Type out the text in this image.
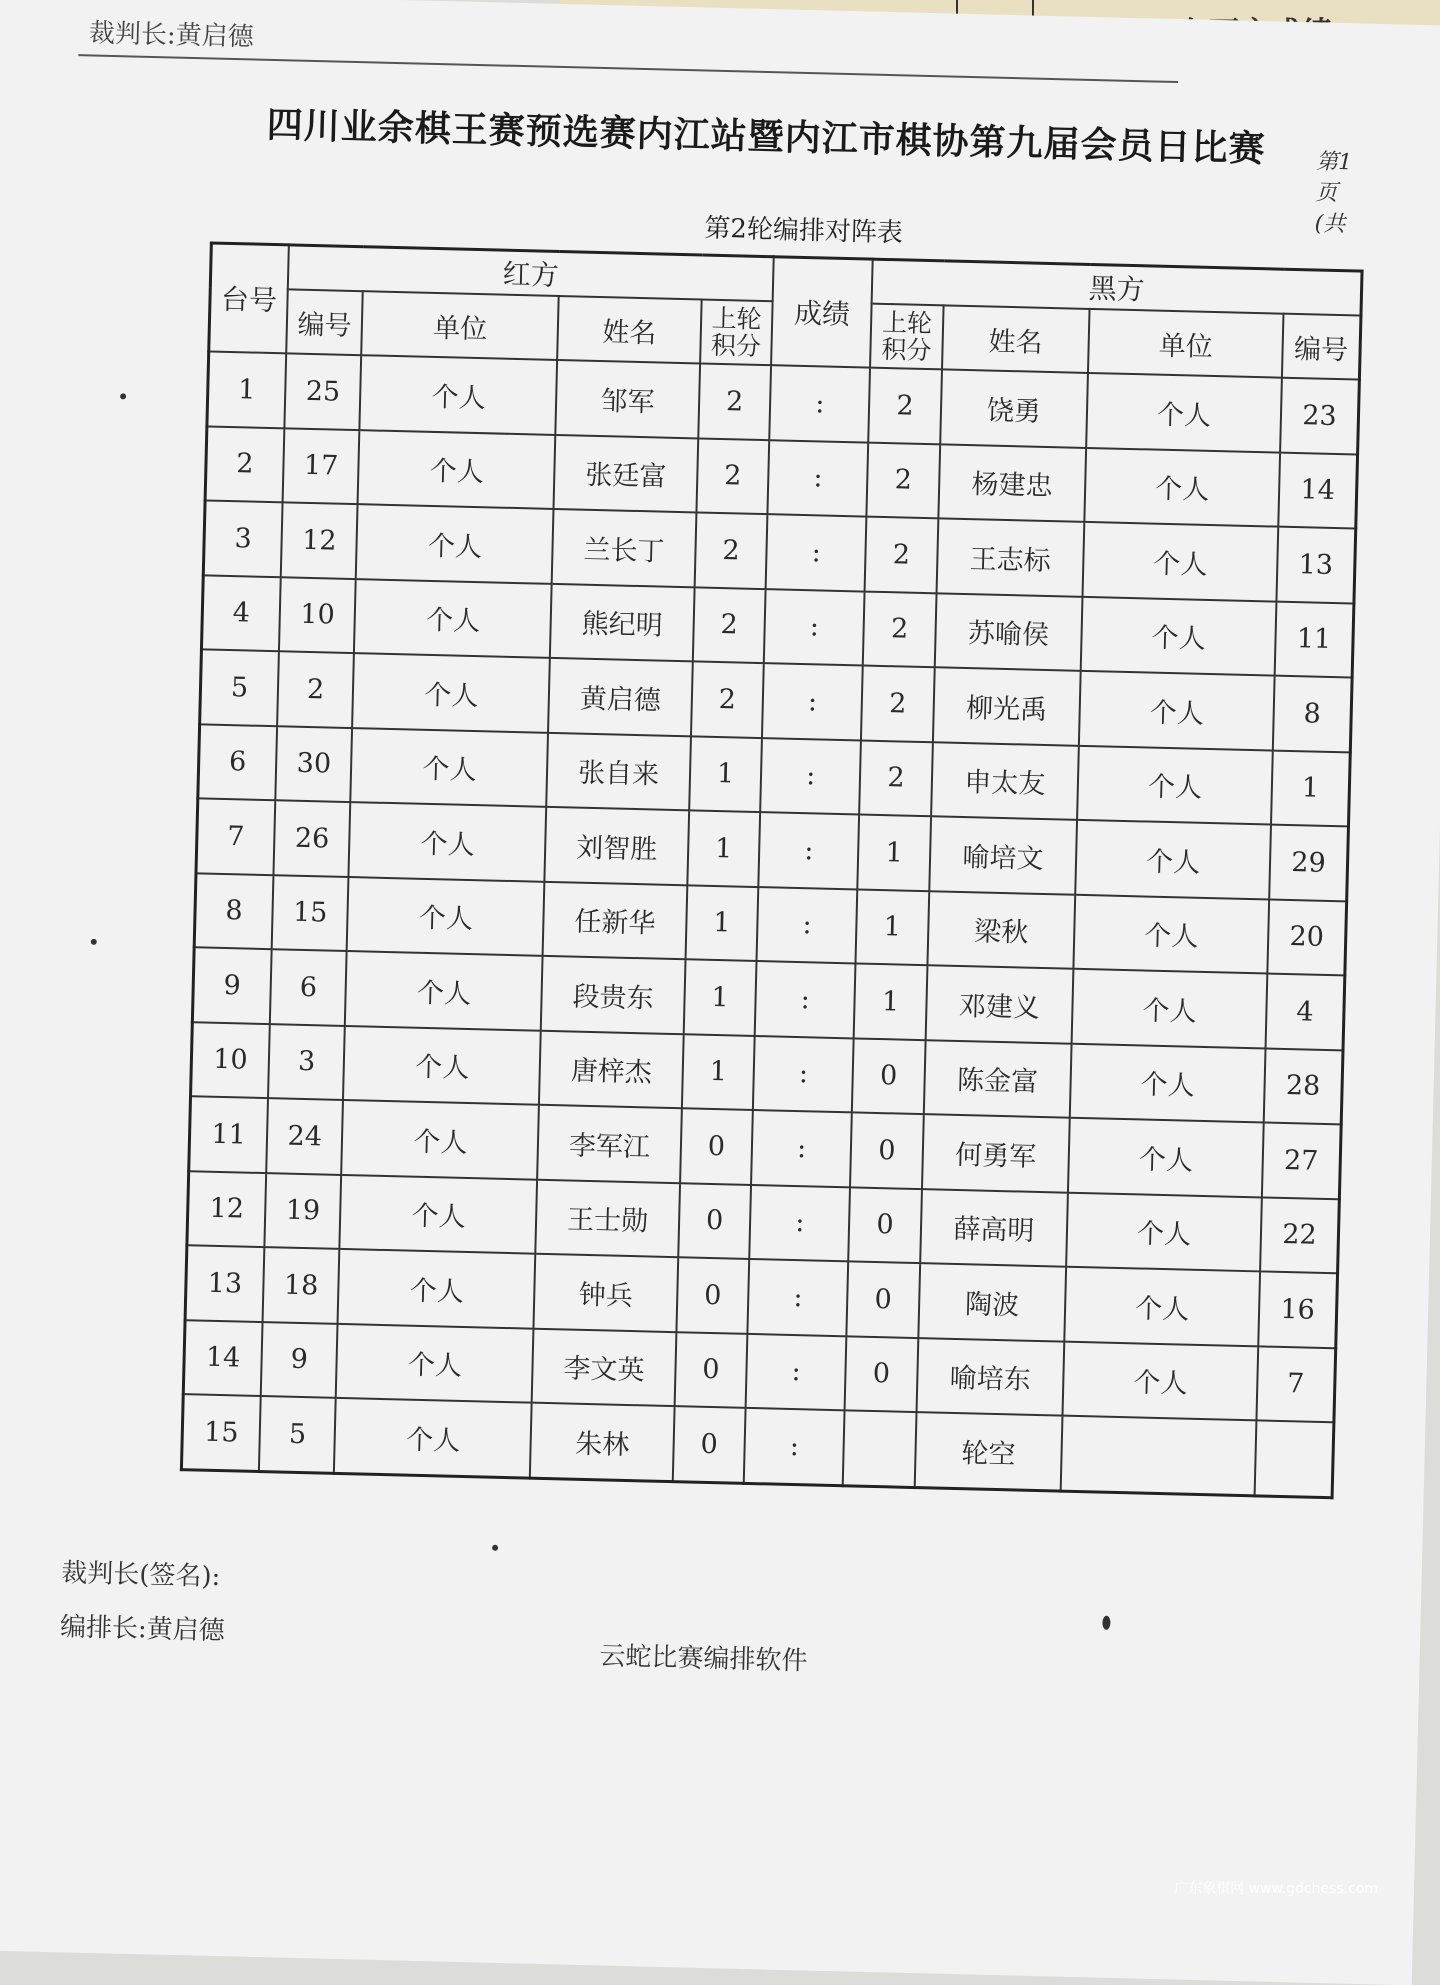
裁判长:黄启德
第1页(共
四川业余棋王赛预选赛内江站暨内江市棋协第九届会员日比赛
第2轮编排对阵表
台号	红方				成绩	黑方			
	编号	单位	姓名	上轮积分		上轮积分	姓名	单位	编号
1	25	个人	邹军	2	:	2	饶勇	个人	23
2	17	个人	张廷富	2	:	2	杨建忠	个人	14
3	12	个人	兰长丁	2	:	2	王志标	个人	13
4	10	个人	熊纪明	2	:	2	苏喻侯	个人	11
5	2	个人	黄启德	2	:	2	柳光禹	个人	8
6	30	个人	张自来	1	:	2	申太友	个人	1
7	26	个人	刘智胜	1	:	1	喻培文	个人	29
8	15	个人	任新华	1	:	1	梁秋	个人	20
9	6	个人	段贵东	1	:	1	邓建义	个人	4
10	3	个人	唐梓杰	1	:	0	陈金富	个人	28
11	24	个人	李军江	0	:	0	何勇军	个人	27
12	19	个人	王士勋	0	:	0	薛高明	个人	22
13	18	个人	钟兵	0	:	0	陶波	个人	16
14	9	个人	李文英	0	:	0	喻培东	个人	7
15	5	个人	朱林	0	:		轮空		
裁判长(签名):
编排长:黄启德
云蛇比赛编排软件
广东象棋网 www.gdchess.com
